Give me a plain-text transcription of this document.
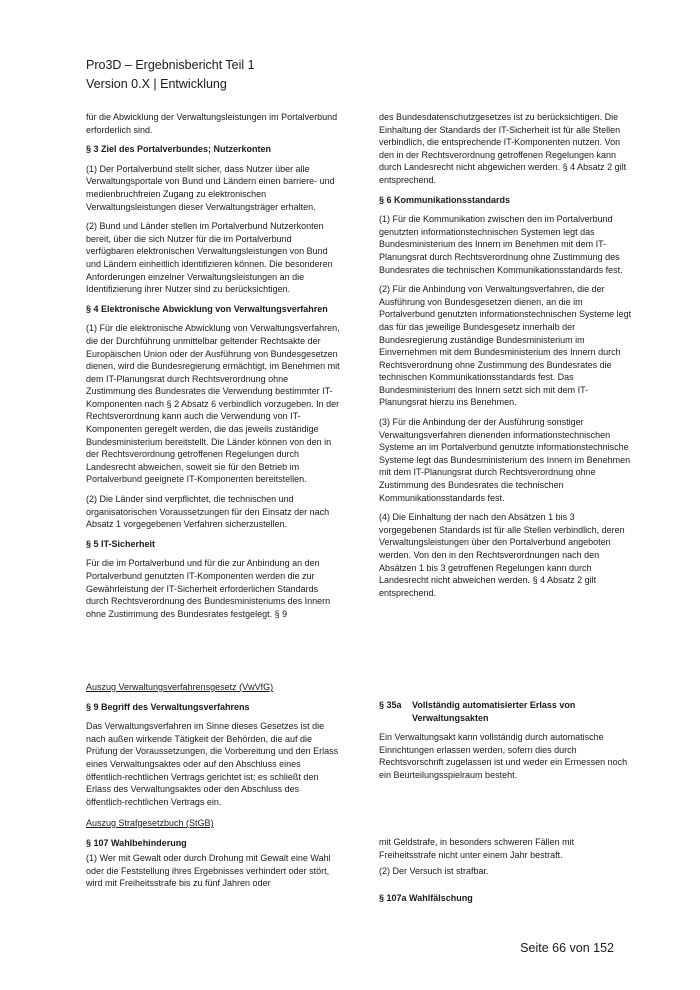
Pro3D – Ergebnisbericht Teil 1
Version 0.X | Entwicklung

für die Abwicklung der Verwaltungsleistungen im Portalverbund erforderlich sind.

§ 3 Ziel des Portalverbundes; Nutzerkonten

(1) Der Portalverbund stellt sicher, dass Nutzer über alle Verwaltungsportale von Bund und Ländern einen barriere- und medienbruchfreien Zugang zu elektronischen Verwaltungsleistungen dieser Verwaltungsträger erhalten.

(2) Bund und Länder stellen im Portalverbund Nutzerkonten bereit, über die sich Nutzer für die im Portalverbund verfügbaren elektronischen Verwaltungsleistungen von Bund und Ländern einheitlich identifizieren können. Die besonderen Anforderungen einzelner Verwaltungsleistungen an die Identifizierung ihrer Nutzer sind zu berücksichtigen.

§ 4 Elektronische Abwicklung von Verwaltungsverfahren

(1) Für die elektronische Abwicklung von Verwaltungsverfahren, die der Durchführung unmittelbar geltender Rechtsakte der Europäischen Union oder der Ausführung von Bundesgesetzen dienen, wird die Bundesregierung ermächtigt, im Benehmen mit dem IT-Planungsrat durch Rechtsverordnung ohne Zustimmung des Bundesrates die Verwendung bestimmter IT-Komponenten nach § 2 Absatz 6 verbindlich vorzugeben. In der Rechtsverordnung kann auch die Verwendung von IT-Komponenten geregelt werden, die das jeweils zuständige Bundesministerium bereitstellt. Die Länder können von den in der Rechtsverordnung getroffenen Regelungen durch Landesrecht abweichen, soweit sie für den Betrieb im Portalverbund geeignete IT-Komponenten bereitstellen.

(2) Die Länder sind verpflichtet, die technischen und organisatorischen Voraussetzungen für den Einsatz der nach Absatz 1 vorgegebenen Verfahren sicherzustellen.

§ 5 IT-Sicherheit

Für die im Portalverbund und für die zur Anbindung an den Portalverbund genutzten IT-Komponenten werden die zur Gewährleistung der IT-Sicherheit erforderlichen Standards durch Rechtsverordnung des Bundesministeriums des Innern ohne Zustimmung des Bundesrates festgelegt. § 9

des Bundesdatenschutzgesetzes ist zu berücksichtigen. Die Einhaltung der Standards der IT-Sicherheit ist für alle Stellen verbindlich, die entsprechende IT-Komponenten nutzen. Von den in der Rechtsverordnung getroffenen Regelungen kann durch Landesrecht nicht abgewichen werden. § 4 Absatz 2 gilt entsprechend.

§ 6 Kommunikationsstandards

(1) Für die Kommunikation zwischen den im Portalverbund genutzten informationstechnischen Systemen legt das Bundesministerium des Innern im Benehmen mit dem IT-Planungsrat durch Rechtsverordnung ohne Zustimmung des Bundesrates die technischen Kommunikationsstandards fest.

(2) Für die Anbindung von Verwaltungsverfahren, die der Ausführung von Bundesgesetzen dienen, an die im Portalverbund genutzten informationstechnischen Systeme legt das für das jeweilige Bundesgesetz innerhalb der Bundesregierung zuständige Bundesministerium im Einvernehmen mit dem Bundesministerium des Innern durch Rechtsverordnung ohne Zustimmung des Bundesrates die technischen Kommunikationsstandards fest. Das Bundesministerium des Innern setzt sich mit dem IT-Planungsrat hierzu ins Benehmen.

(3) Für die Anbindung der der Ausführung sonstiger Verwaltungsverfahren dienenden informationstechnischen Systeme an im Portalverbund genutzte informationstechnische Systeme legt das Bundesministerium des Innern im Benehmen mit dem IT-Planungsrat durch Rechtsverordnung ohne Zustimmung des Bundesrates die technischen Kommunikationsstandards fest.

(4) Die Einhaltung der nach den Absätzen 1 bis 3 vorgegebenen Standards ist für alle Stellen verbindlich, deren Verwaltungsleistungen über den Portalverbund angeboten werden. Von den in den Rechtsverordnungen nach den Absätzen 1 bis 3 getroffenen Regelungen kann durch Landesrecht nicht abweichen werden. § 4 Absatz 2 gilt entsprechend.

Auszug Verwaltungsverfahrensgesetz (VwVfG)
§ 9 Begriff des Verwaltungsverfahrens

Das Verwaltungsverfahren im Sinne dieses Gesetzes ist die nach außen wirkende Tätigkeit der Behörden, die auf die Prüfung der Voraussetzungen, die Vorbereitung und den Erlass eines Verwaltungsaktes oder auf den Abschluss eines öffentlich-rechtlichen Vertrags gerichtet ist; es schließt den Erlass des Verwaltungsaktes oder den Abschluss des öffentlich-rechtlichen Vertrags ein.

§ 35a	Vollständig automatisierter Erlass von Verwaltungsakten

Ein Verwaltungsakt kann vollständig durch automatische Einrichtungen erlassen werden, sofern dies durch Rechtsvorschrift zugelassen ist und weder ein Ermessen noch ein Beurteilungsspielraum besteht.

Auszug Strafgesetzbuch (StGB)
§ 107 Wahlbehinderung

(1) Wer mit Gewalt oder durch Drohung mit Gewalt eine Wahl oder die Feststellung ihres Ergebnisses verhindert oder stört, wird mit Freiheitsstrafe bis zu fünf Jahren oder

mit Geldstrafe, in besonders schweren Fällen mit Freiheitsstrafe nicht unter einem Jahr bestraft.

(2) Der Versuch ist strafbar.

§ 107a Wahlfälschung
Seite 66 von 152
